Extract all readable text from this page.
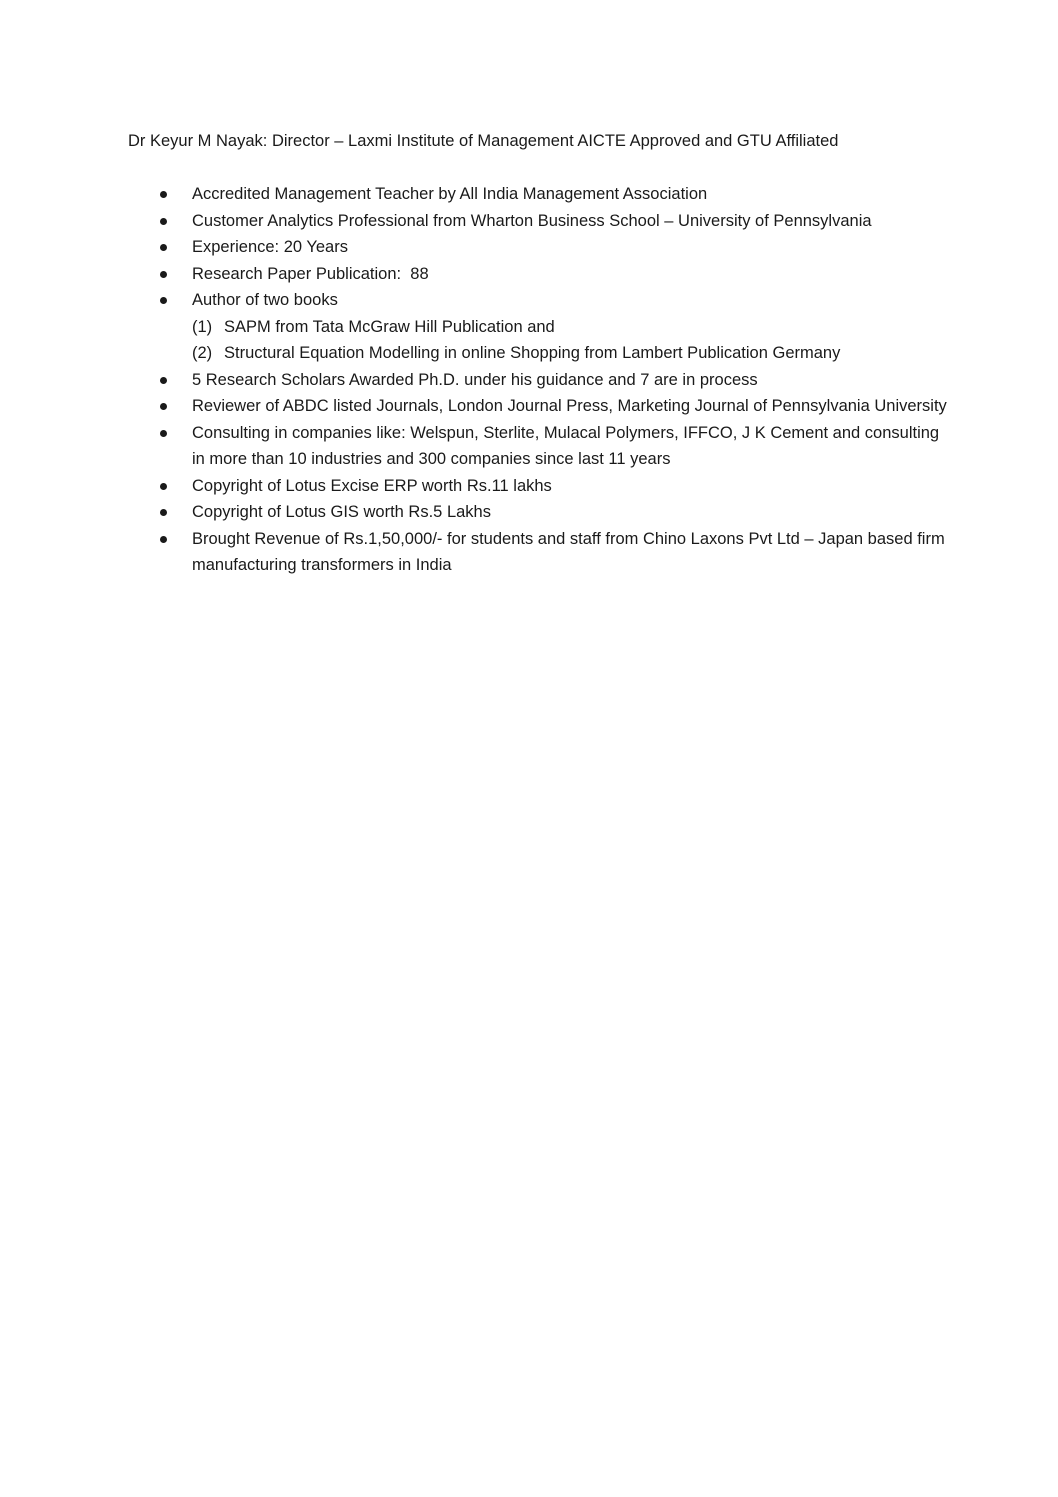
Dr Keyur M Nayak: Director – Laxmi Institute of Management AICTE Approved and GTU Affiliated
Accredited Management Teacher by All India Management Association
Customer Analytics Professional from Wharton Business School – University of Pennsylvania
Experience: 20 Years
Research Paper Publication:  88
Author of two books
(1) SAPM from Tata McGraw Hill Publication and
(2) Structural Equation Modelling in online Shopping from Lambert Publication Germany
5 Research Scholars Awarded Ph.D. under his guidance and 7 are in process
Reviewer of ABDC listed Journals, London Journal Press, Marketing Journal of Pennsylvania University
Consulting in companies like: Welspun, Sterlite, Mulacal Polymers, IFFCO, J K Cement and consulting   in more than 10 industries and 300 companies since last 11 years
Copyright of Lotus Excise ERP worth Rs.11 lakhs
Copyright of Lotus GIS worth Rs.5 Lakhs
Brought Revenue of Rs.1,50,000/- for students and staff from Chino Laxons Pvt Ltd – Japan based firm manufacturing transformers in India
